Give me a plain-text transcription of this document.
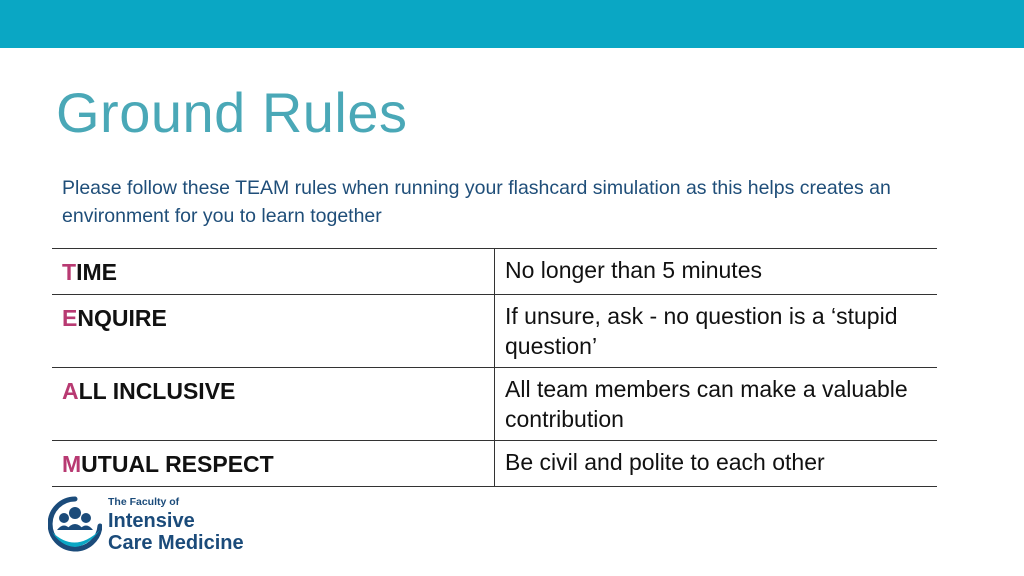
Ground Rules

Please follow these TEAM rules when running your flashcard simulation as this helps creates an environment for you to learn together

TIME	No longer than 5 minutes
ENQUIRE	If unsure, ask - no question is a ‘stupid question’
ALL INCLUSIVE	All team members can make a valuable contribution
MUTUAL RESPECT	Be civil and polite to each other
The Faculty of
Intensive
Care Medicine
